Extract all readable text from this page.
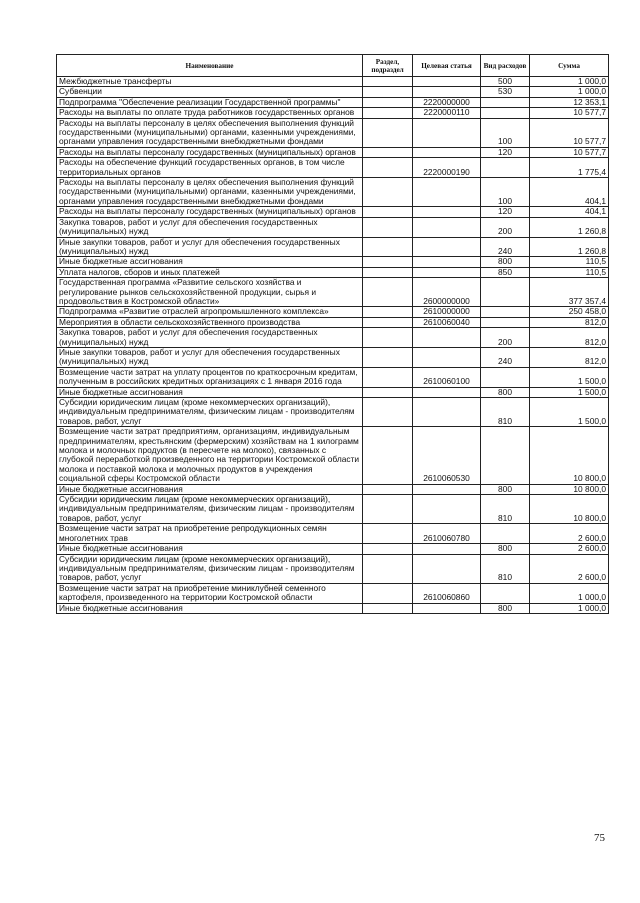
Наименование	Раздел, подраздел	Целевая статья	Вид расходов	Сумма
Межбюджетные трансферты			500	1 000,0
Субвенции			530	1 000,0
Подпрограмма "Обеспечение реализации Государственной программы"		2220000000		12 353,1
Расходы на выплаты по оплате труда работников государственных органов		2220000110		10 577,7
Расходы на выплаты персоналу в целях обеспечения выполнения функций государственными (муниципальными) органами, казенными учреждениями, органами управления государственными внебюджетными фондами			100	10 577,7
Расходы на выплаты персоналу государственных (муниципальных) органов			120	10 577,7
Расходы на обеспечение функций государственных органов, в том числе территориальных органов		2220000190		1 775,4
Расходы на выплаты персоналу в целях обеспечения выполнения функций государственными (муниципальными) органами, казенными учреждениями, органами управления государственными внебюджетными фондами			100	404,1
Расходы на выплаты персоналу государственных (муниципальных) органов			120	404,1
Закупка товаров, работ и услуг для обеспечения государственных (муниципальных) нужд			200	1 260,8
Иные закупки товаров, работ и услуг для обеспечения государственных (муниципальных) нужд			240	1 260,8
Иные бюджетные ассигнования			800	110,5
Уплата налогов, сборов и иных платежей			850	110,5
Государственная программа «Развитие сельского хозяйства и регулирование рынков сельскохозяйственной продукции, сырья и продовольствия в Костромской области»		2600000000		377 357,4
Подпрограмма «Развитие отраслей агропромышленного комплекса»		2610000000		250 458,0
Мероприятия в области сельскохозяйственного производства		2610060040		812,0
Закупка товаров, работ и услуг для обеспечения государственных (муниципальных) нужд			200	812,0
Иные закупки товаров, работ и услуг для обеспечения государственных (муниципальных) нужд			240	812,0
Возмещение части затрат на уплату процентов по краткосрочным кредитам, полученным в российских кредитных организациях с 1 января 2016 года		2610060100		1 500,0
Иные бюджетные ассигнования			800	1 500,0
Субсидии юридическим лицам (кроме некоммерческих организаций), индивидуальным предпринимателям, физическим лицам - производителям товаров, работ, услуг			810	1 500,0
Возмещение части затрат предприятиям, организациям, индивидуальным предпринимателям, крестьянским (фермерским) хозяйствам на 1 килограмм молока и молочных продуктов (в пересчете на молоко), связанных с глубокой переработкой произведенного на территории Костромской области молока и поставкой молока и молочных продуктов в учреждения социальной сферы Костромской области		2610060530		10 800,0
Иные бюджетные ассигнования			800	10 800,0
Субсидии юридическим лицам (кроме некоммерческих организаций), индивидуальным предпринимателям, физическим лицам - производителям товаров, работ, услуг			810	10 800,0
Возмещение части затрат на приобретение репродукционных семян многолетних трав		2610060780		2 600,0
Иные бюджетные ассигнования			800	2 600,0
Субсидии юридическим лицам (кроме некоммерческих организаций), индивидуальным предпринимателям, физическим лицам - производителям товаров, работ, услуг			810	2 600,0
Возмещение части затрат на приобретение миниклубней семенного картофеля, произведенного на территории Костромской области		2610060860		1 000,0
Иные бюджетные ассигнования			800	1 000,0
75
